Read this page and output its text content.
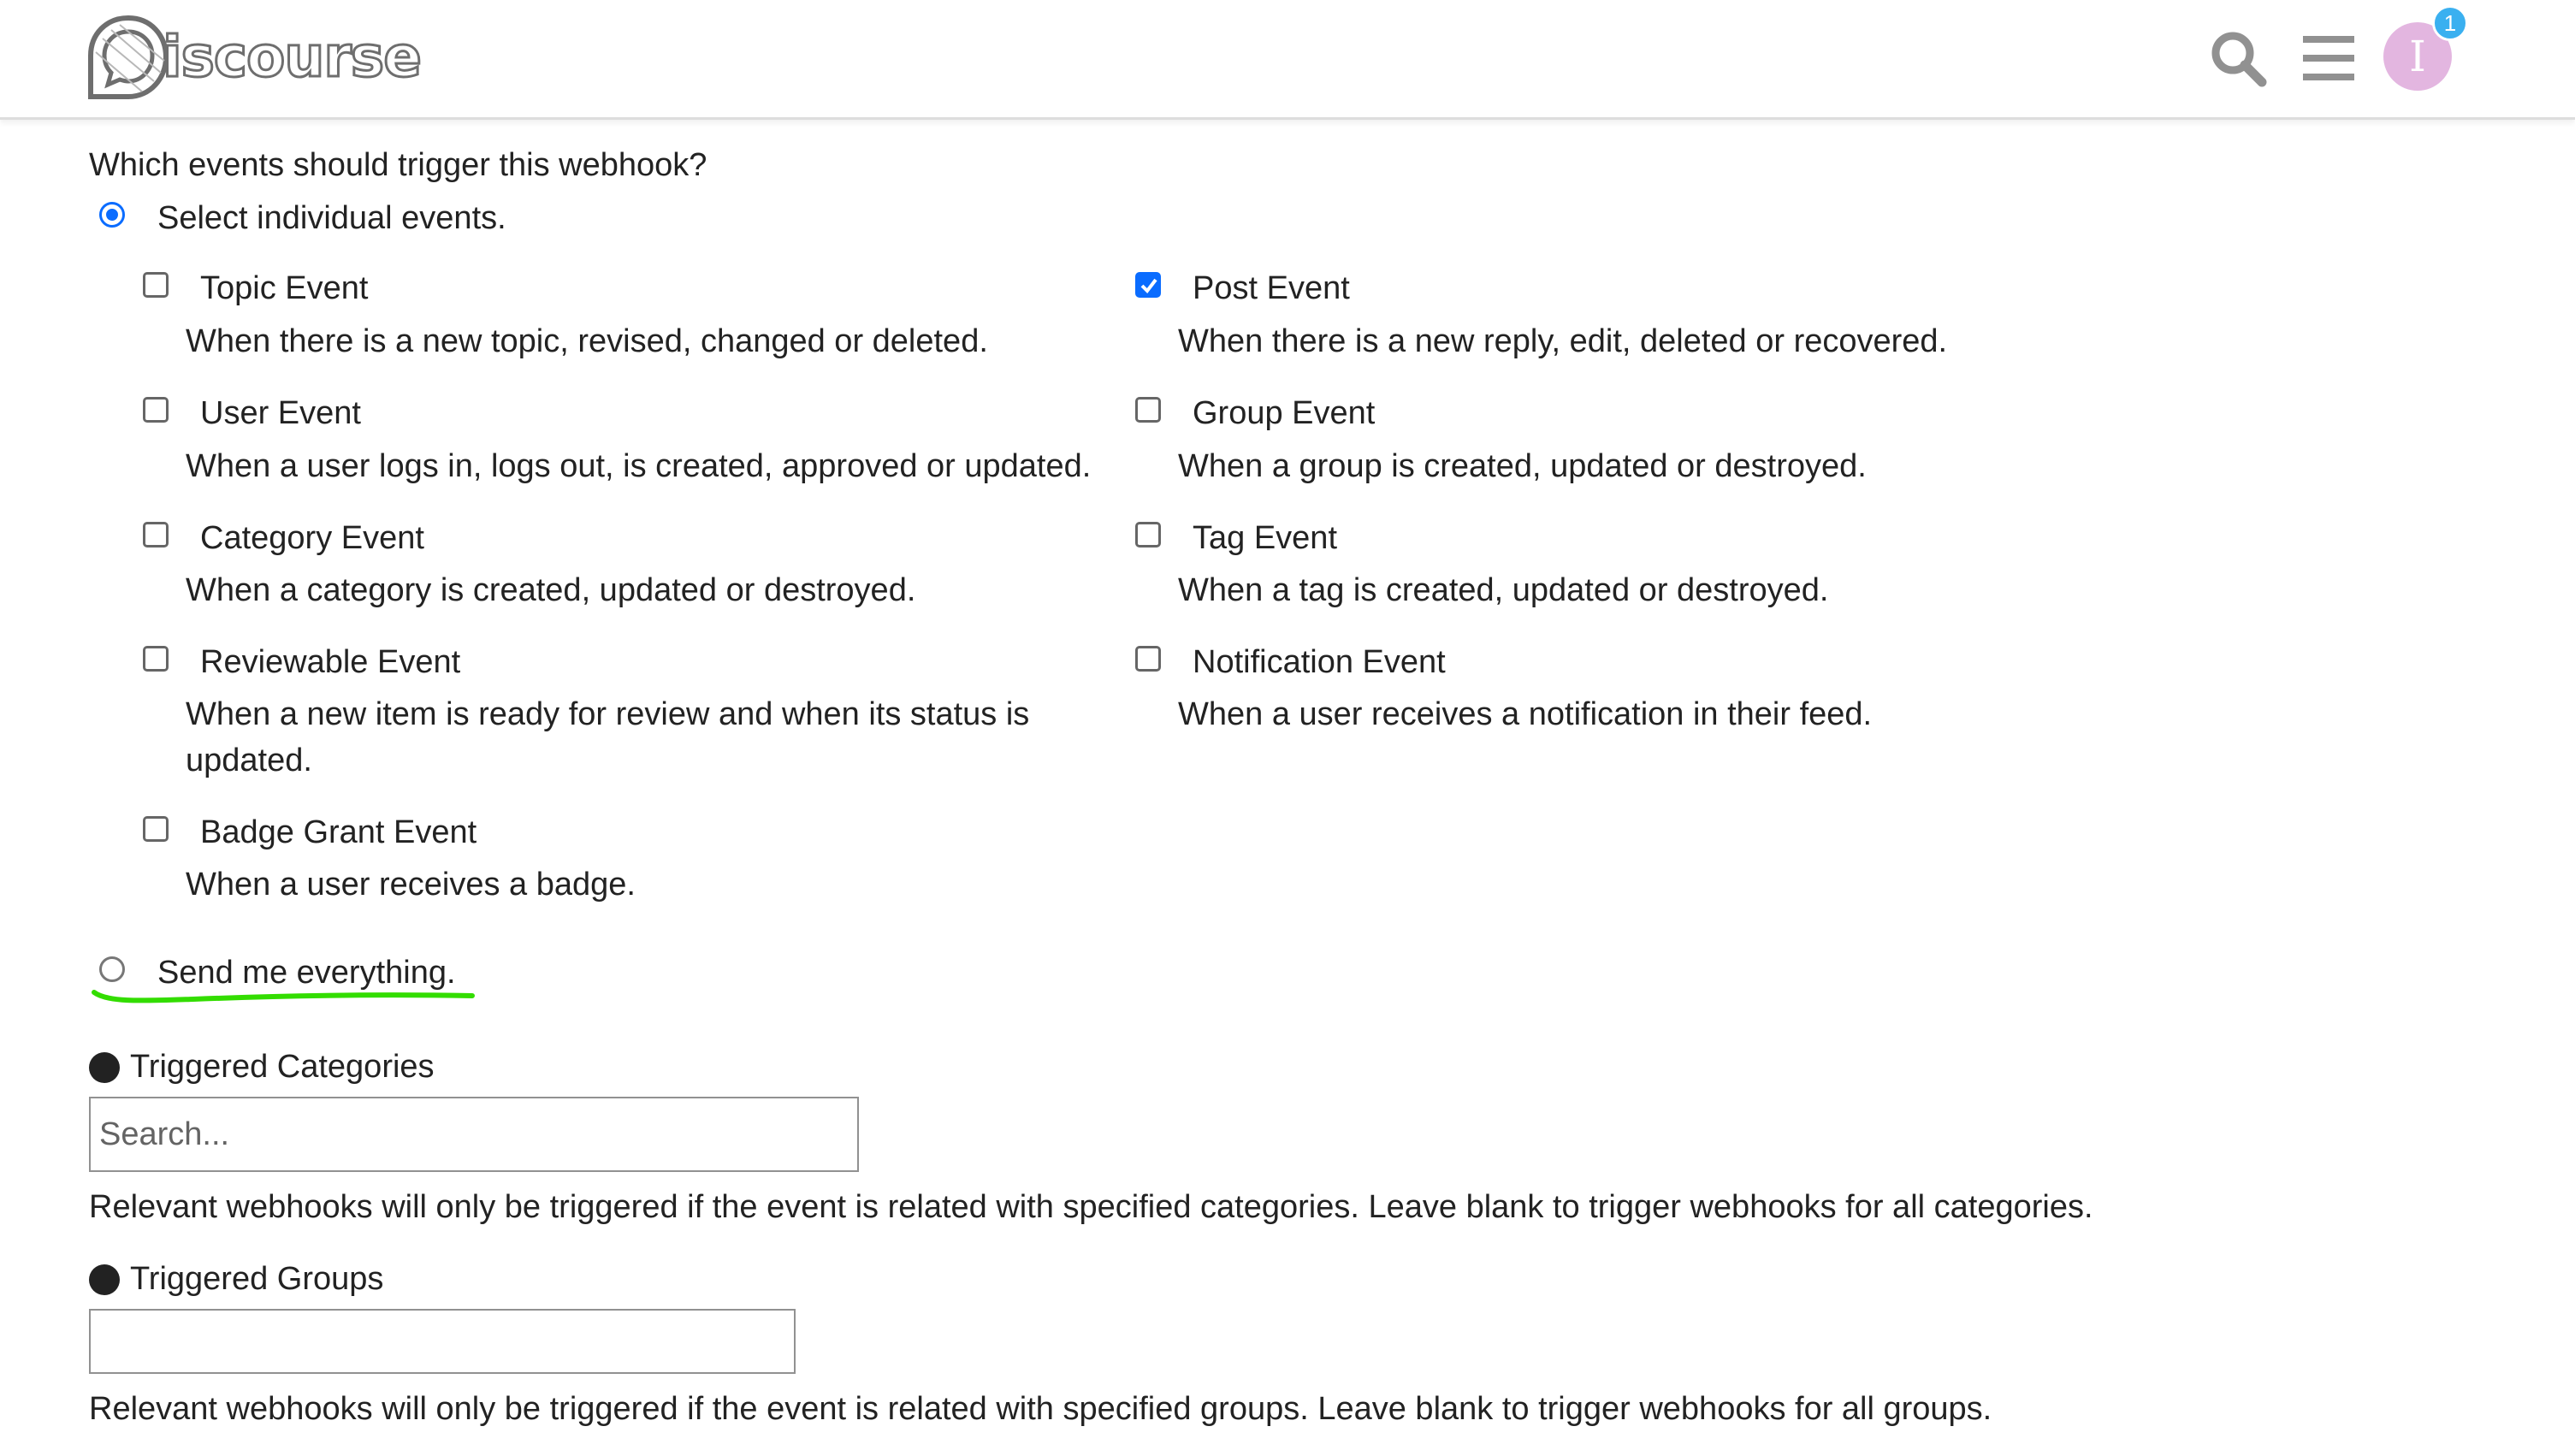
iscourse	I
1
Which events should trigger this webhook?
Select individual events.
Topic Event
When there is a new topic, revised, changed or deleted.
Post Event
When there is a new reply, edit, deleted or recovered.
User Event
When a user logs in, logs out, is created, approved or updated.
Group Event
When a group is created, updated or destroyed.
Category Event
When a category is created, updated or destroyed.
Tag Event
When a tag is created, updated or destroyed.
Reviewable Event
When a new item is ready for review and when its status is updated.
Notification Event
When a user receives a notification in their feed.
Badge Grant Event
When a user receives a badge.
Send me everything.
Triggered Categories
Search...
Relevant webhooks will only be triggered if the event is related with specified categories. Leave blank to trigger webhooks for all categories.
Triggered Groups
Relevant webhooks will only be triggered if the event is related with specified groups. Leave blank to trigger webhooks for all groups.
